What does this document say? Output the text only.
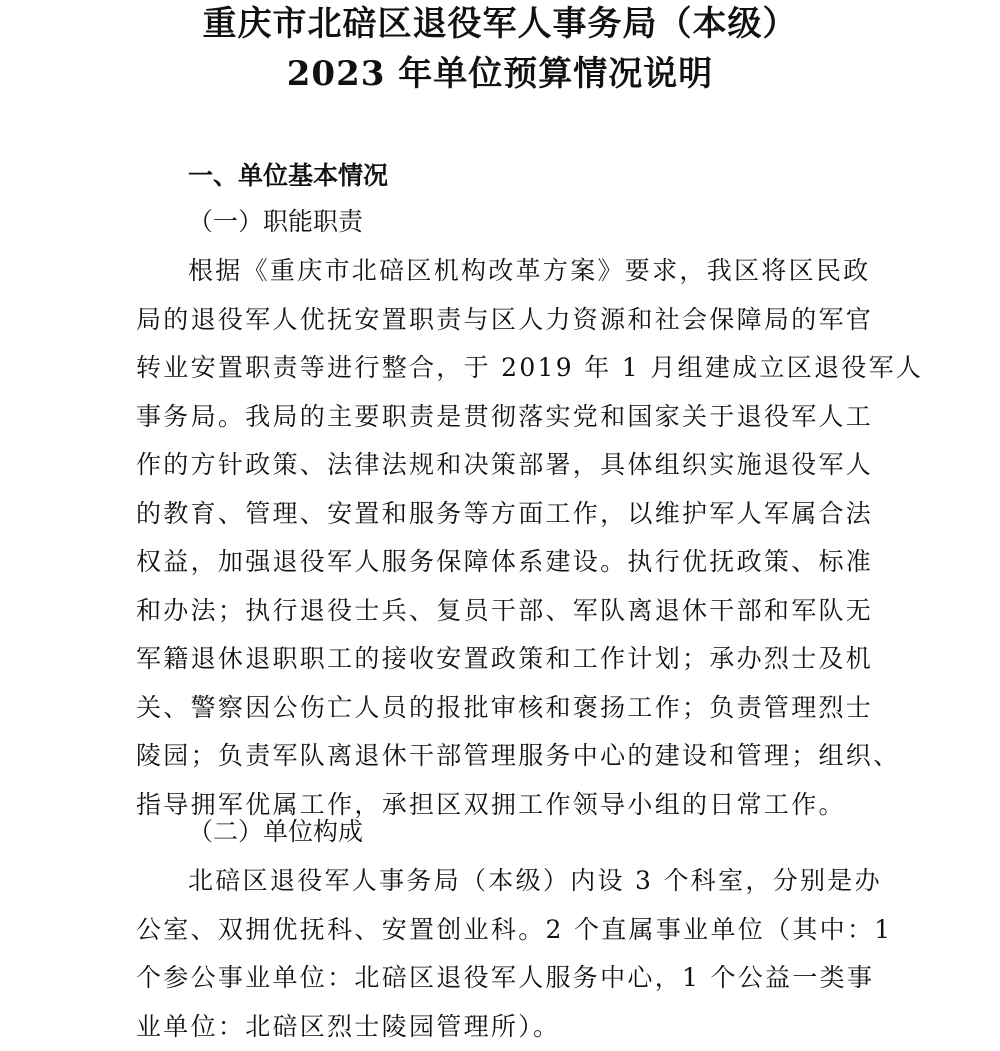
重庆市北碚区退役军人事务局（本级）
2023 年单位预算情况说明
一、单位基本情况
（一）职能职责
根据《重庆市北碚区机构改革方案》要求，我区将区民政
局的退役军人优抚安置职责与区人力资源和社会保障局的军官
转业安置职责等进行整合，于 2019 年 1 月组建成立区退役军人
事务局。我局的主要职责是贯彻落实党和国家关于退役军人工
作的方针政策、法律法规和决策部署，具体组织实施退役军人
的教育、管理、安置和服务等方面工作，以维护军人军属合法
权益，加强退役军人服务保障体系建设。执行优抚政策、标准
和办法；执行退役士兵、复员干部、军队离退休干部和军队无
军籍退休退职职工的接收安置政策和工作计划；承办烈士及机
关、警察因公伤亡人员的报批审核和褒扬工作；负责管理烈士
陵园；负责军队离退休干部管理服务中心的建设和管理；组织、
指导拥军优属工作，承担区双拥工作领导小组的日常工作。
（二）单位构成
北碚区退役军人事务局（本级）内设 3 个科室，分别是办
公室、双拥优抚科、安置创业科。2 个直属事业单位（其中：1
个参公事业单位：北碚区退役军人服务中心，1 个公益一类事
业单位：北碚区烈士陵园管理所）。
